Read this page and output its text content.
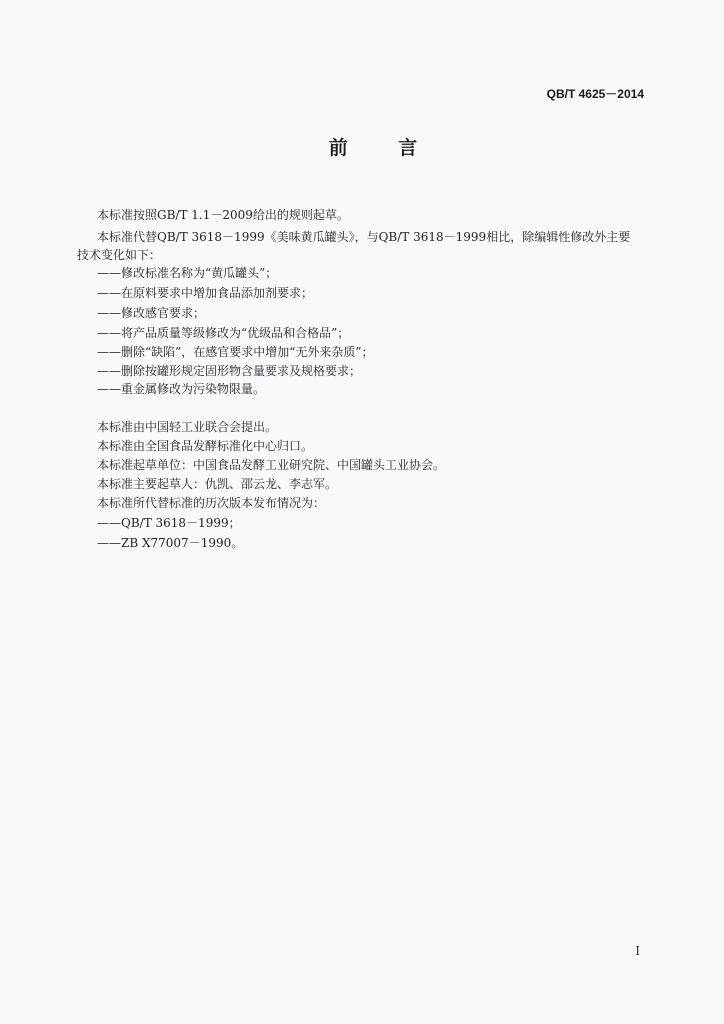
QB/T 4625－2014
前 言
本标准按照GB/T 1.1－2009给出的规则起草。
本标准代替QB/T 3618－1999《美味黄瓜罐头》，与QB/T 3618－1999相比，除编辑性修改外主要
技术变化如下：
——修改标准名称为“黄瓜罐头”；
——在原料要求中增加食品添加剂要求；
——修改感官要求；
——将产品质量等级修改为“优级品和合格品”；
——删除“缺陷”，在感官要求中增加“无外来杂质”；
——删除按罐形规定固形物含量要求及规格要求；
——重金属修改为污染物限量。
本标准由中国轻工业联合会提出。
本标准由全国食品发酵标准化中心归口。
本标准起草单位：中国食品发酵工业研究院、中国罐头工业协会。
本标准主要起草人：仇凯、邵云龙、李志军。
本标准所代替标准的历次版本发布情况为：
——QB/T 3618－1999；
——ZB X77007－1990。
I
